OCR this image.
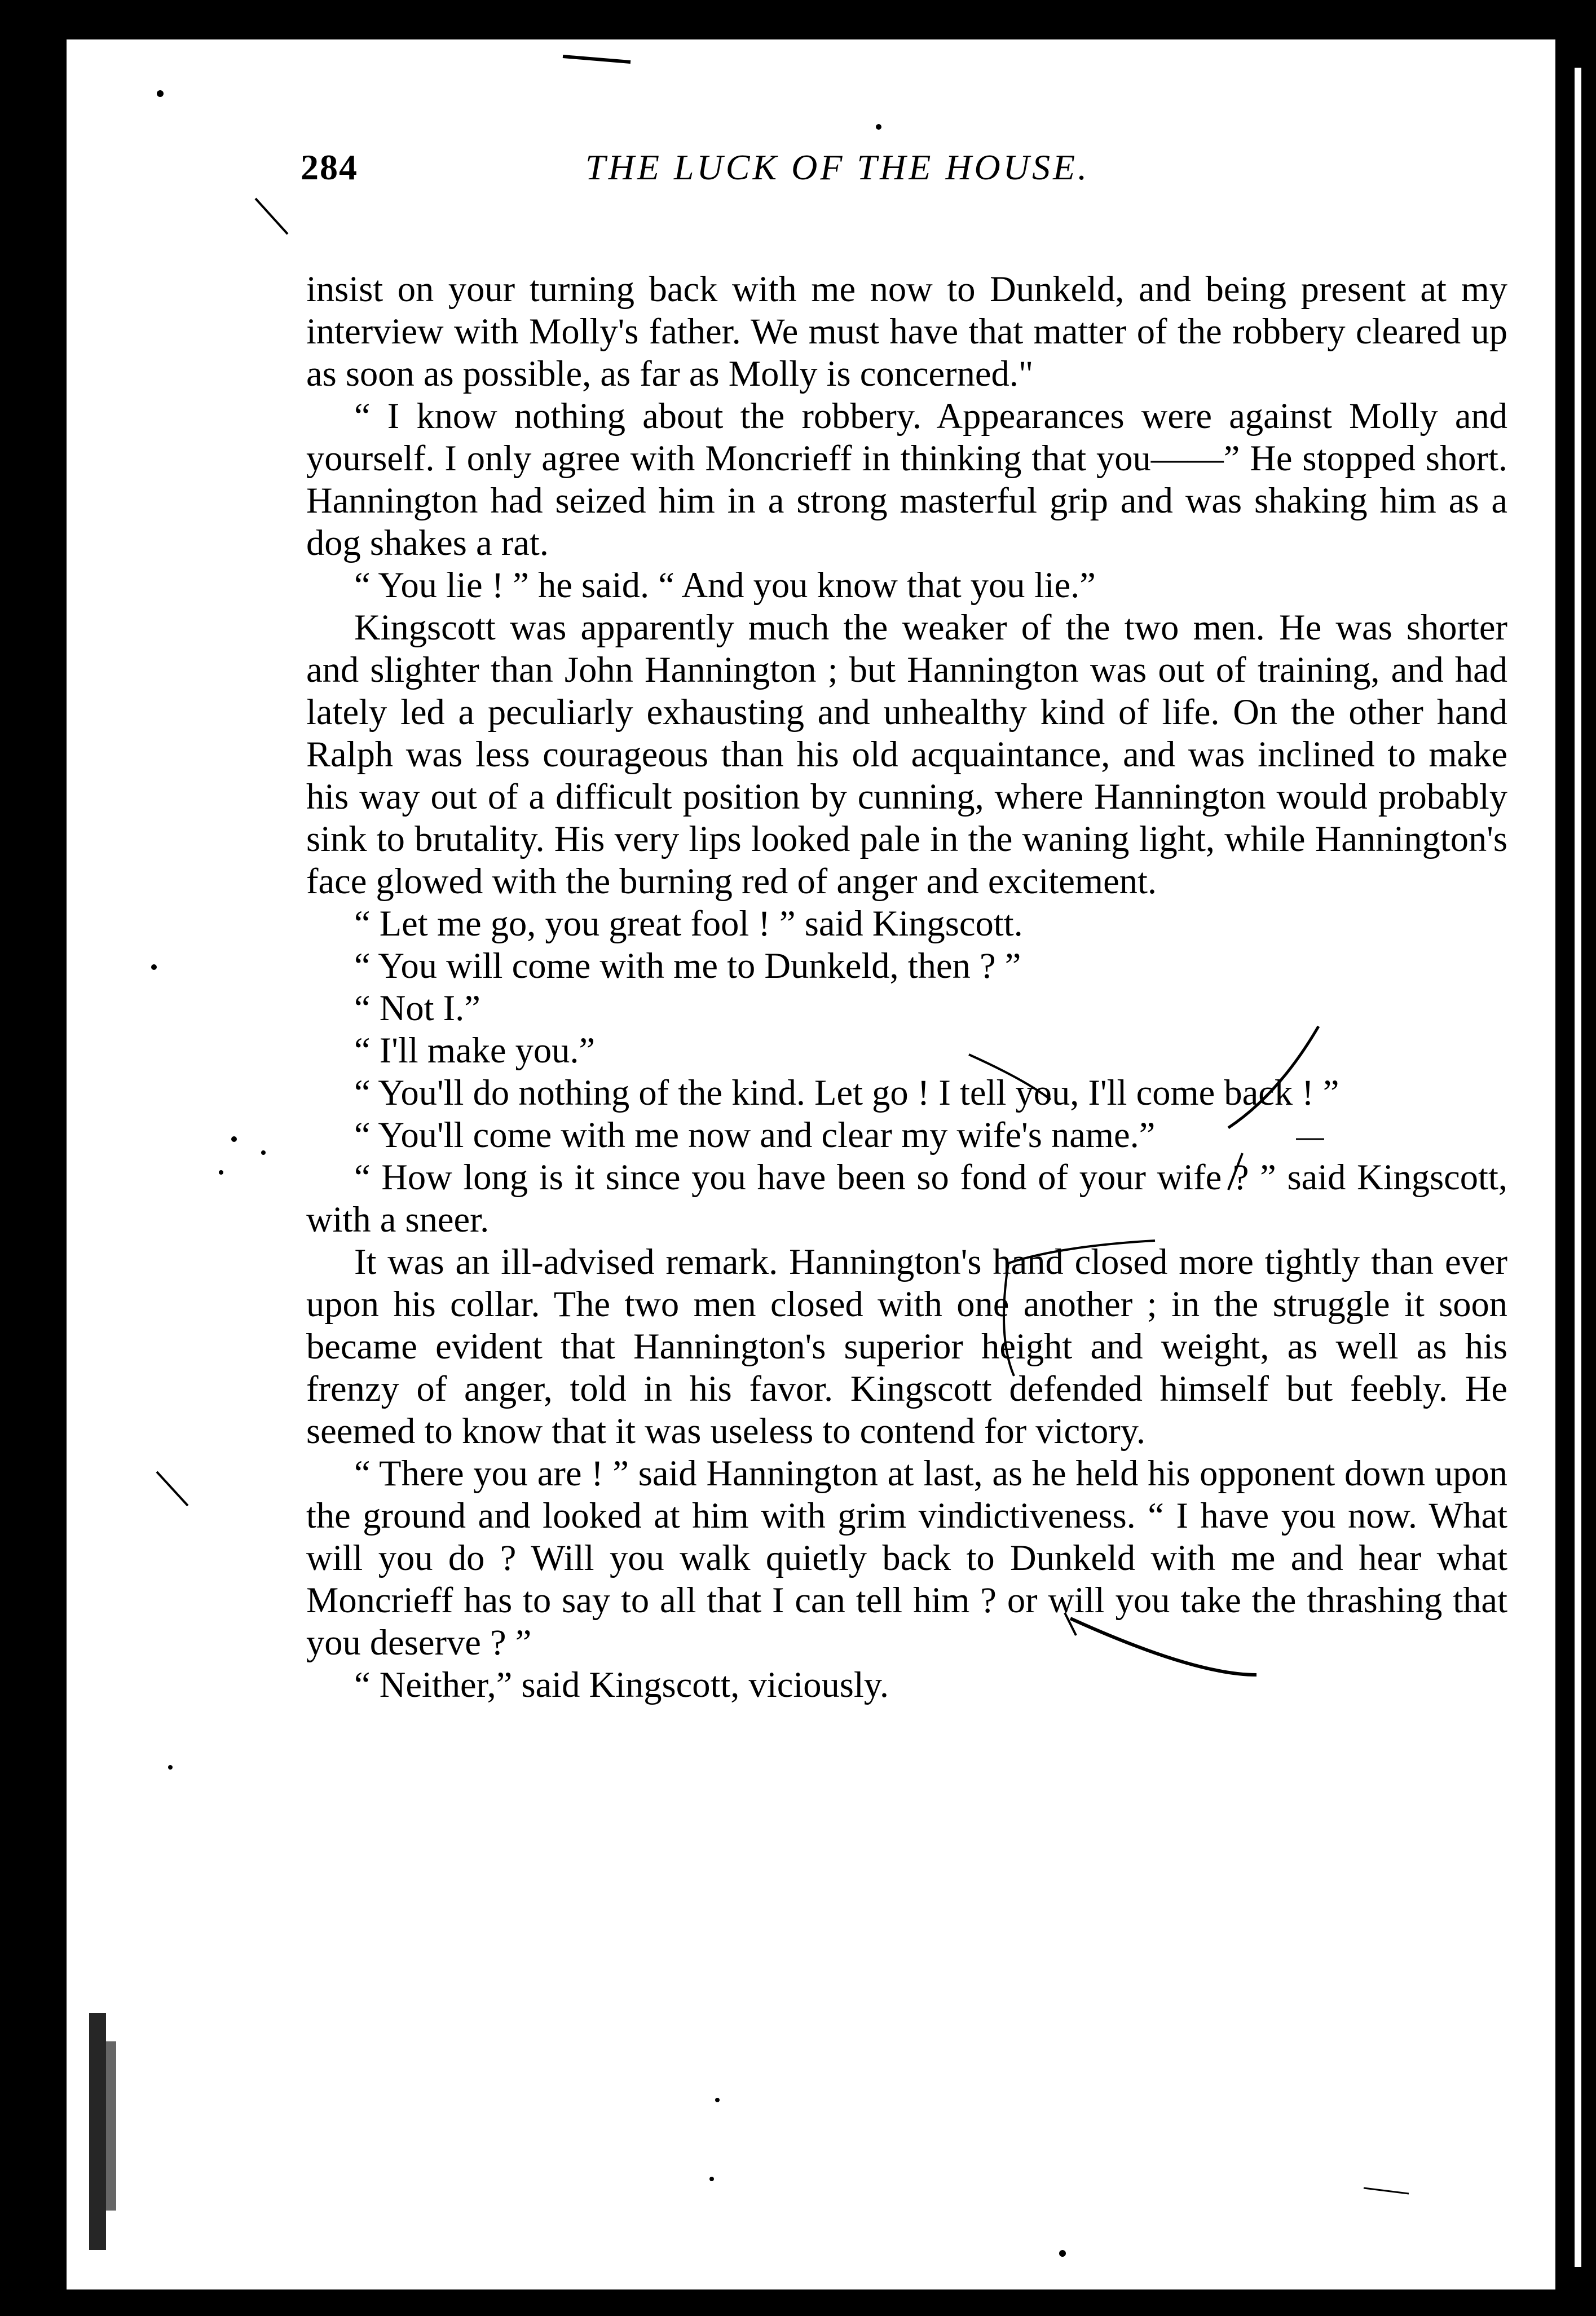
284	THE LUCK OF THE HOUSE.

insist on your turning back with me now to Dunkeld, and being present at my interview with Molly's father. We must have that matter of the robbery cleared up as soon as possible, as far as Molly is concerned."

“ I know nothing about the robbery. Appearances were against Molly and yourself. I only agree with Moncrieff in thinking that you——” He stopped short. Hannington had seized him in a strong masterful grip and was shaking him as a dog shakes a rat.

“ You lie ! ” he said. “ And you know that you lie.”

Kingscott was apparently much the weaker of the two men. He was shorter and slighter than John Hannington ; but Hannington was out of training, and had lately led a peculiarly exhausting and unhealthy kind of life. On the other hand Ralph was less courageous than his old acquaintance, and was inclined to make his way out of a difficult position by cunning, where Hannington would probably sink to brutality. His very lips looked pale in the waning light, while Hannington's face glowed with the burning red of anger and excitement.

“ Let me go, you great fool ! ” said Kingscott.

“ You will come with me to Dunkeld, then ? ”

“ Not I.”

“ I'll make you.”

“ You'll do nothing of the kind. Let go ! I tell you, I'll come back ! ”

“ You'll come with me now and clear my wife's name.”

“ How long is it since you have been so fond of your wife ? ” said Kingscott, with a sneer.

It was an ill-advised remark. Hannington's hand closed more tightly than ever upon his collar. The two men closed with one another ; in the struggle it soon became evident that Hannington's superior height and weight, as well as his frenzy of anger, told in his favor. Kingscott defended himself but feebly. He seemed to know that it was useless to contend for victory.

“ There you are ! ” said Hannington at last, as he held his opponent down upon the ground and looked at him with grim vindictiveness. “ I have you now. What will you do ? Will you walk quietly back to Dunkeld with me and hear what Moncrieff has to say to all that I can tell him ? or will you take the thrashing that you deserve ? ”

“ Neither,” said Kingscott, viciously.
